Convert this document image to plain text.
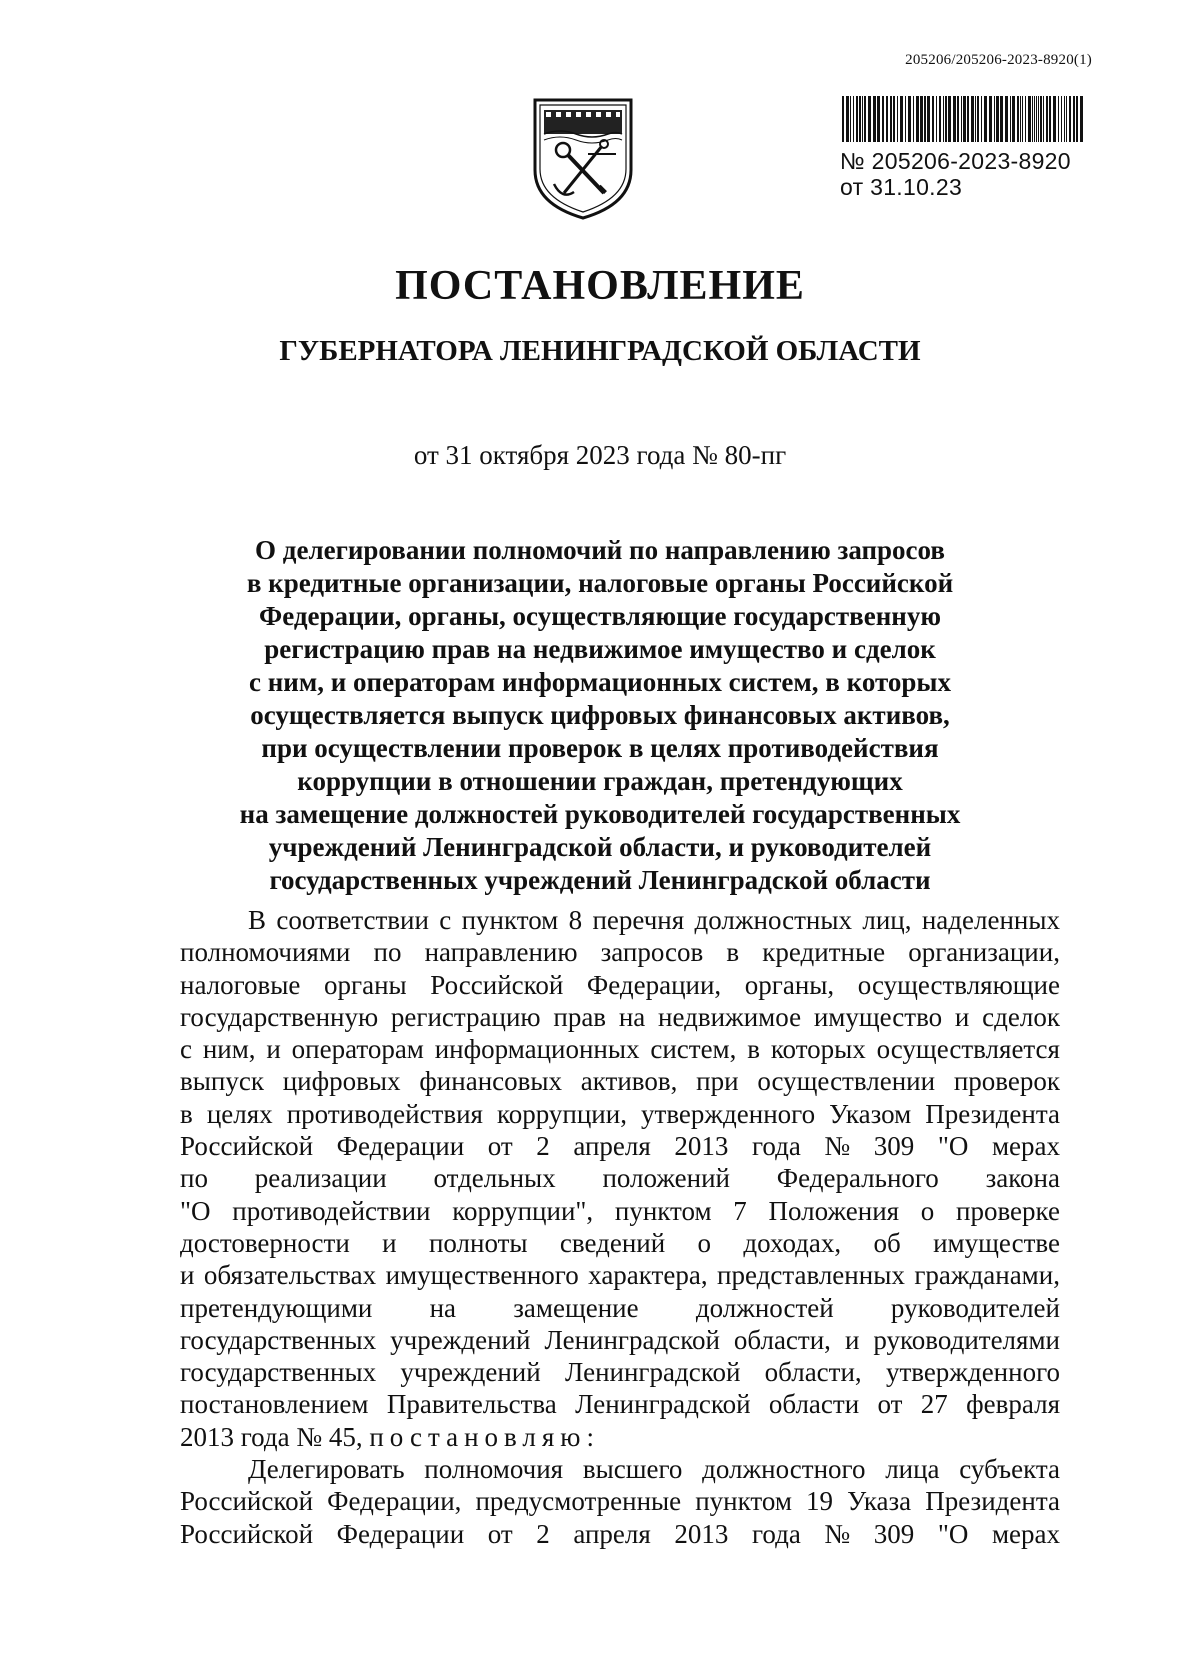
205206/205206-2023-8920(1)
№ 205206-2023-8920
от 31.10.23
ПОСТАНОВЛЕНИЕ
ГУБЕРНАТОРА ЛЕНИНГРАДСКОЙ ОБЛАСТИ
от 31 октября 2023 года № 80-пг
О делегировании полномочий по направлению запросов
в кредитные организации, налоговые органы Российской
Федерации, органы, осуществляющие государственную
регистрацию прав на недвижимое имущество и сделок
с ним, и операторам информационных систем, в которых
осуществляется выпуск цифровых финансовых активов,
при осуществлении проверок в целях противодействия
коррупции в отношении граждан, претендующих
на замещение должностей руководителей государственных
учреждений Ленинградской области, и руководителей
государственных учреждений Ленинградской области
В соответствии с пунктом 8 перечня должностных лиц, наделенных
полномочиями по направлению запросов в кредитные организации,
налоговые органы Российской Федерации, органы, осуществляющие
государственную регистрацию прав на недвижимое имущество и сделок
с ним, и операторам информационных систем, в которых осуществляется
выпуск цифровых финансовых активов, при осуществлении проверок
в целях противодействия коррупции, утвержденного Указом Президента
Российской Федерации от 2 апреля 2013 года № 309 "О мерах
по реализации отдельных положений Федерального закона
"О противодействии коррупции", пунктом 7 Положения о проверке
достоверности и полноты сведений о доходах, об имуществе
и обязательствах имущественного характера, представленных гражданами,
претендующими на замещение должностей руководителей
государственных учреждений Ленинградской области, и руководителями
государственных учреждений Ленинградской области, утвержденного
постановлением Правительства Ленинградской области от 27 февраля
2013 года № 45,
постановляю:
Делегировать полномочия высшего должностного лица субъекта
Российской Федерации, предусмотренные пунктом 19 Указа Президента
Российской Федерации от 2 апреля 2013 года № 309 "О мерах
